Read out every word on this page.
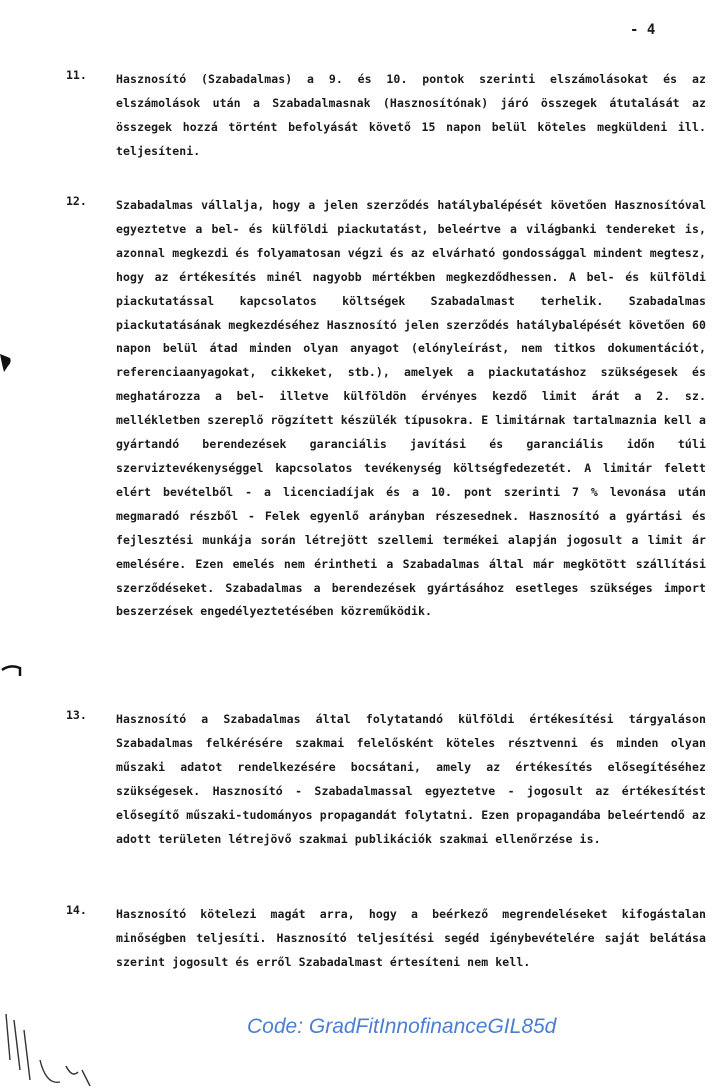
- 4
11.	Hasznosító (Szabadalmas) a 9. és 10. pontok szerinti elszámolásokat és az elszámolások után a Szabadalmasnak (Hasznosítónak) járó összegek átutalását az összegek hozzá történt befolyását követő 15 napon belül köteles megküldeni ill. teljesíteni.
12.	Szabadalmas vállalja, hogy a jelen szerződés hatálybalépését követően Hasznosítóval egyeztetve a bel- és külföldi piackutatást, beleértve a világbanki tendereket is, azonnal megkezdi és folyamatosan végzi és az elvárható gondossággal mindent megtesz, hogy az értékesítés minél nagyobb mértékben megkezdődhessen. A bel- és külföldi piackutatással kapcsolatos költségek Szabadalmast terhelik. Szabadalmas piackutatásának megkezdéséhez Hasznosító jelen szerződés hatálybalépését követően 60 napon belül átad minden olyan anyagot (elónyleírást, nem titkos dokumentációt, referenciaanyagokat, cikkeket, stb.), amelyek a piackutatáshoz szükségesek és meghatározza a bel- illetve külföldön érvényes kezdő limit árát a 2. sz. mellékletben szereplő rögzített készülék típusokra. E limitárnak tartalmaznia kell a gyártandó berendezések garanciális javítási és garanciális időn túli szerviztevékenységgel kapcsolatos tevékenység költségfedezetét. A limitár felett elért bevételből - a licenciadíjak és a 10. pont szerinti 7 % levonása után megmaradó részből - Felek egyenlő arányban részesednek. Hasznosító a gyártási és fejlesztési munkája során létrejött szellemi termékei alapján jogosult a limit ár emelésére. Ezen emelés nem érintheti a Szabadalmas által már megkötött szállítási szerződéseket. Szabadalmas a berendezések gyártásához esetleges szükséges import beszerzések engedélyeztetésében közreműködik.
13.	Hasznosító a Szabadalmas által folytatandó külföldi értékesítési tárgyaláson Szabadalmas felkérésére szakmai felelősként köteles résztvenni és minden olyan műszaki adatot rendelkezésére bocsátani, amely az értékesítés elősegítéséhez szükségesek. Hasznosító - Szabadalmassal egyeztetve - jogosult az értékesítést elősegítő műszaki-tudományos propagandát folytatni. Ezen propagandába beleértendő az adott területen létrejövő szakmai publikációk szakmai ellenőrzése is.
14.	Hasznosító kötelezi magát arra, hogy a beérkező megrendeléseket kifogástalan minőségben teljesíti. Hasznosító teljesítési segéd igénybevételére saját belátása szerint jogosult és erről Szabadalmast értesíteni nem kell.
Code: GradFitInnofinanceGIL85d
